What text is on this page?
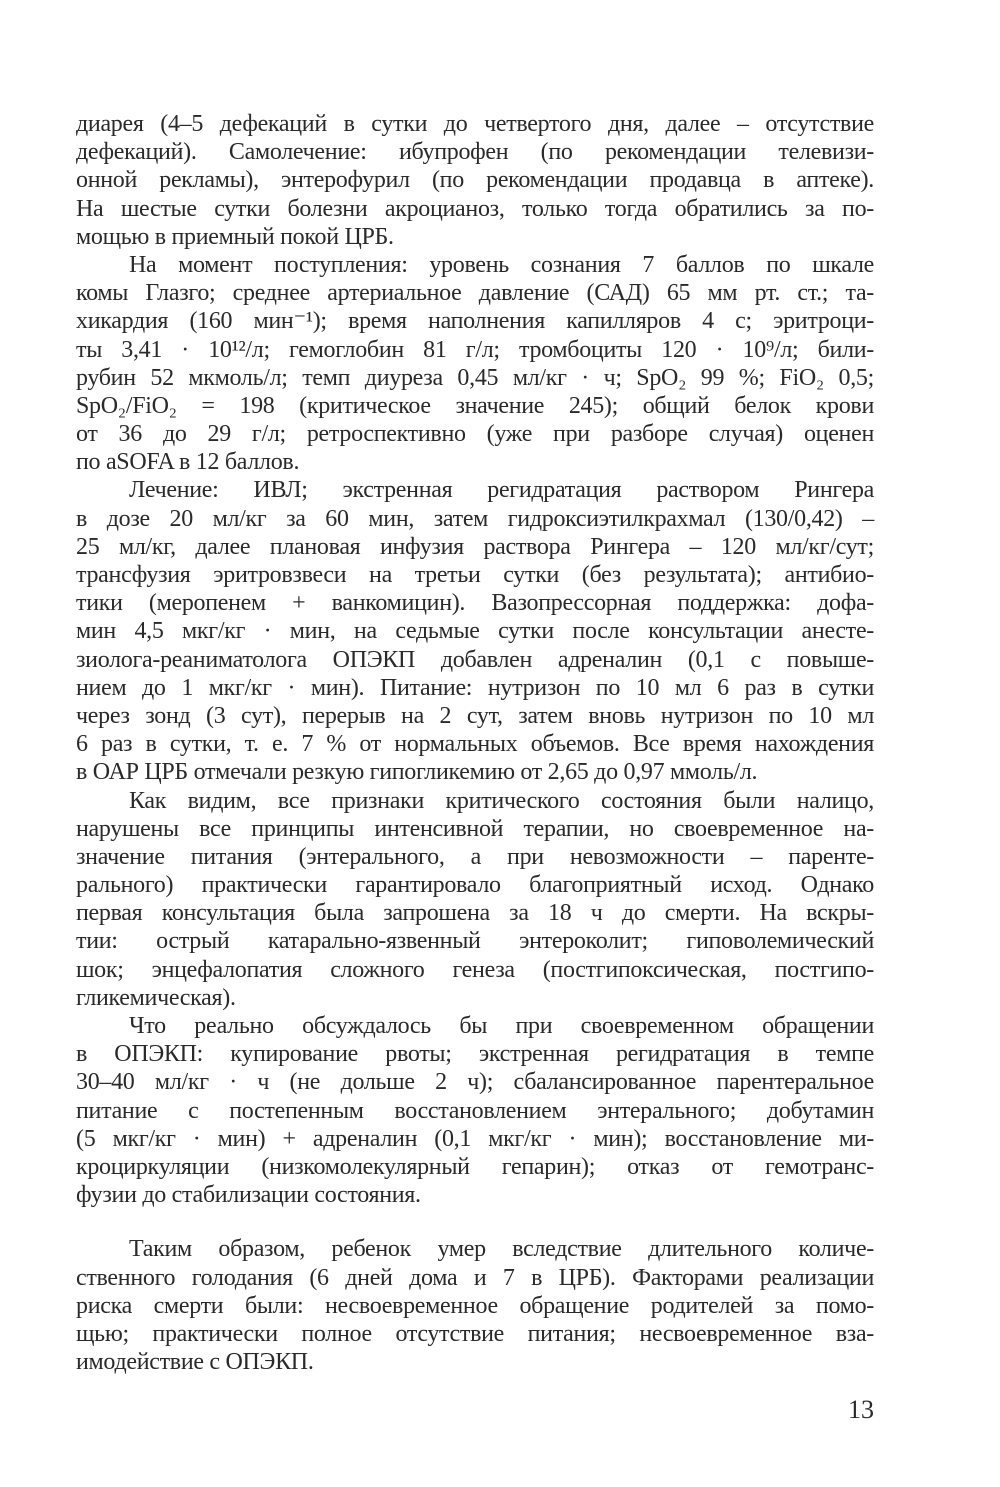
диарея (4–5 дефекаций в сутки до четвертого дня, далее – отсутствие
дефекаций). Самолечение: ибупрофен (по рекомендации телевизи-
онной рекламы), энтерофурил (по рекомендации продавца в аптеке).
На шестые сутки болезни акроцианоз, только тогда обратились за по-
мощью в приемный покой ЦРБ.

На момент поступления: уровень сознания 7 баллов по шкале
комы Глазго; среднее артериальное давление (САД) 65 мм рт. ст.; та-
хикардия (160 мин⁻¹); время наполнения капилляров 4 с; эритроци-
ты 3,41 · 10¹²/л; гемоглобин 81 г/л; тромбоциты 120 · 10⁹/л; били-
рубин 52 мкмоль/л; темп диуреза 0,45 мл/кг · ч; SpO₂ 99 %; FiO₂ 0,5;
SpO₂/FiO₂ = 198 (критическое значение 245); общий белок крови
от 36 до 29 г/л; ретроспективно (уже при разборе случая) оценен
по aSOFA в 12 баллов.

Лечение: ИВЛ; экстренная регидратация раствором Рингера
в дозе 20 мл/кг за 60 мин, затем гидроксиэтилкрахмал (130/0,42) –
25 мл/кг, далее плановая инфузия раствора Рингера – 120 мл/кг/сут;
трансфузия эритровзвеси на третьи сутки (без результата); антибио-
тики (меропенем + ванкомицин). Вазопрессорная поддержка: дофа-
мин 4,5 мкг/кг · мин, на седьмые сутки после консультации анесте-
зиолога-реаниматолога ОПЭКП добавлен адреналин (0,1 с повыше-
нием до 1 мкг/кг · мин). Питание: нутризон по 10 мл 6 раз в сутки
через зонд (3 сут), перерыв на 2 сут, затем вновь нутризон по 10 мл
6 раз в сутки, т. е. 7 % от нормальных объемов. Все время нахождения
в ОАР ЦРБ отмечали резкую гипогликемию от 2,65 до 0,97 ммоль/л.

Как видим, все признаки критического состояния были налицо,
нарушены все принципы интенсивной терапии, но своевременное на-
значение питания (энтерального, а при невозможности – паренте-
рального) практически гарантировало благоприятный исход. Однако
первая консультация была запрошена за 18 ч до смерти. На вскры-
тии: острый катарально-язвенный энтероколит; гиповолемический
шок; энцефалопатия сложного генеза (постгипоксическая, постгипо-
гликемическая).

Что реально обсуждалось бы при своевременном обращении
в ОПЭКП: купирование рвоты; экстренная регидратация в темпе
30–40 мл/кг · ч (не дольше 2 ч); сбалансированное парентеральное
питание с постепенным восстановлением энтерального; добутамин
(5 мкг/кг · мин) + адреналин (0,1 мкг/кг · мин); восстановление ми-
кроциркуляции (низкомолекулярный гепарин); отказ от гемотранс-
фузии до стабилизации состояния.

Таким образом, ребенок умер вследствие длительного количе-
ственного голодания (6 дней дома и 7 в ЦРБ). Факторами реализации
риска смерти были: несвоевременное обращение родителей за помо-
щью; практически полное отсутствие питания; несвоевременное вза-
имодействие с ОПЭКП.

13
